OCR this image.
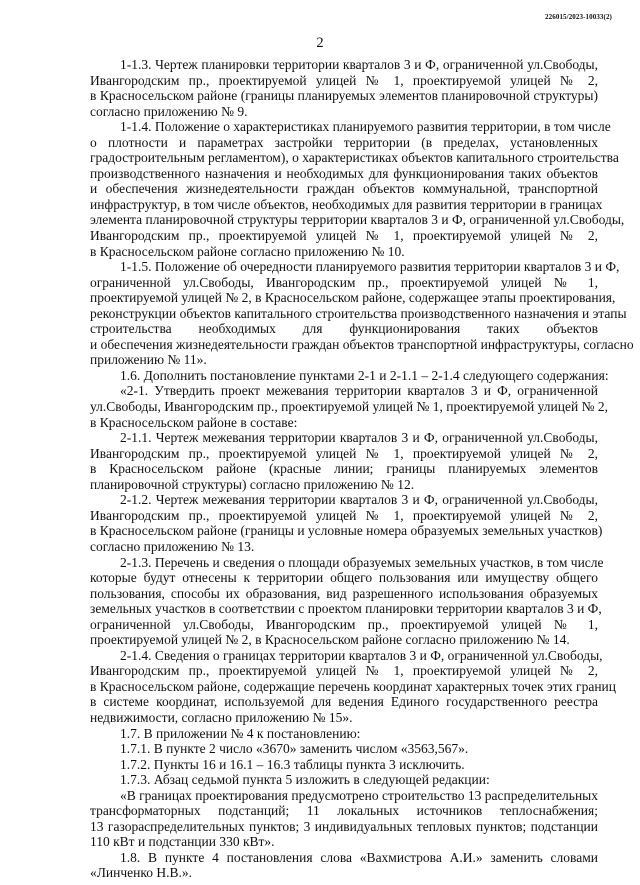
226015/2023-10033(2)
2
1-1.3. Чертеж планировки территории кварталов 3 и Ф, ограниченной ул.Свободы,
Ивангородским пр., проектируемой улицей № 1, проектируемой улицей № 2,
в Красносельском районе (границы планируемых элементов планировочной структуры)
согласно приложению № 9.
1-1.4. Положение о характеристиках планируемого развития территории, в том числе
о плотности и параметрах застройки территории (в пределах, установленных
градостроительным регламентом), о характеристиках объектов капитального строительства
производственного назначения и необходимых для функционирования таких объектов
и обеспечения жизнедеятельности граждан объектов коммунальной, транспортной
инфраструктур, в том числе объектов, необходимых для развития территории в границах
элемента планировочной структуры территории кварталов 3 и Ф, ограниченной ул.Свободы,
Ивангородским пр., проектируемой улицей № 1, проектируемой улицей № 2,
в Красносельском районе согласно приложению № 10.
1-1.5. Положение об очередности планируемого развития территории кварталов 3 и Ф,
ограниченной ул.Свободы, Ивангородским пр., проектируемой улицей № 1,
проектируемой улицей № 2, в Красносельском районе, содержащее этапы проектирования,
реконструкции объектов капитального строительства производственного назначения и этапы
строительства необходимых для функционирования таких объектов
и обеспечения жизнедеятельности граждан объектов транспортной инфраструктуры, согласно
приложению № 11».
1.6. Дополнить постановление пунктами 2-1 и 2-1.1 – 2-1.4 следующего содержания:
«2-1. Утвердить проект межевания территории кварталов 3 и Ф, ограниченной
ул.Свободы, Ивангородским пр., проектируемой улицей № 1, проектируемой улицей № 2,
в Красносельском районе в составе:
2-1.1. Чертеж межевания территории кварталов 3 и Ф, ограниченной ул.Свободы,
Ивангородским пр., проектируемой улицей № 1, проектируемой улицей № 2,
в Красносельском районе (красные линии; границы планируемых элементов
планировочной структуры) согласно приложению № 12.
2-1.2. Чертеж межевания территории кварталов 3 и Ф, ограниченной ул.Свободы,
Ивангородским пр., проектируемой улицей № 1, проектируемой улицей № 2,
в Красносельском районе (границы и условные номера образуемых земельных участков)
согласно приложению № 13.
2-1.3. Перечень и сведения о площади образуемых земельных участков, в том числе
которые будут отнесены к территории общего пользования или имуществу общего
пользования, способы их образования, вид разрешенного использования образуемых
земельных участков в соответствии с проектом планировки территории кварталов 3 и Ф,
ограниченной ул.Свободы, Ивангородским пр., проектируемой улицей № 1,
проектируемой улицей № 2, в Красносельском районе согласно приложению № 14.
2-1.4. Сведения о границах территории кварталов 3 и Ф, ограниченной ул.Свободы,
Ивангородским пр., проектируемой улицей № 1, проектируемой улицей № 2,
в Красносельском районе, содержащие перечень координат характерных точек этих границ
в системе координат, используемой для ведения Единого государственного реестра
недвижимости, согласно приложению № 15».
1.7. В приложении № 4 к постановлению:
1.7.1. В пункте 2 число «3670» заменить числом «3563,567».
1.7.2. Пункты 16 и 16.1 – 16.3 таблицы пункта 3 исключить.
1.7.3. Абзац седьмой пункта 5 изложить в следующей редакции:
«В границах проектирования предусмотрено строительство 13 распределительных
трансформаторных подстанций; 11 локальных источников теплоснабжения;
13 газораспределительных пунктов; 3 индивидуальных тепловых пунктов; подстанции
110 кВт и подстанции 330 кВт».
1.8. В пункте 4 постановления слова «Вахмистрова А.И.» заменить словами
«Линченко Н.В.».
